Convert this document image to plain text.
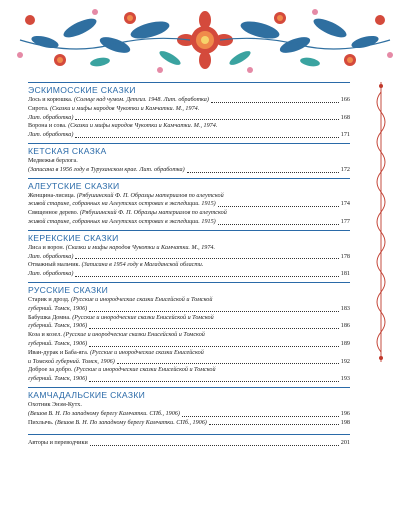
ЭСКИМОССКИЕ СКАЗКИ
Лось и корюшка. (Солнце над чумом. Детгиз. 1948. Лит. обработка)	166
Сирота. (Сказки и мифы народов Чукотки и Камчатки. М., 1974.
Лит. обработка)	168
Ворона и сова. (Сказки и мифы народов Чукотки и Камчатки. М., 1974.
Лит. обработка)	171
КЕТСКАЯ СКАЗКА
Медвежья берлога.
(Записана в 1956 году в Туруханском крае. Лит. обработка)	172
АЛЕУТСКИЕ СКАЗКИ
Женщина-лисица. (Рябушинский Ф. П. Образцы материалов по алеутской
живой старине, собранных на Алеутских островах в экспедиции. 1915)	174
Священное дерево. (Рябушинский Ф. П. Образцы материалов по алеутской
живой старине, собранных на Алеутских островах в экспедиции. 1915)	177
КЕРЕКСКИЕ СКАЗКИ
Лиса и ворон. (Сказки и мифы народов Чукотки и Камчатки. М., 1974.
Лит. обработка)	178
Отважный мальчик. (Записана в 1954 году в Магаданской области.
Лит. обработка)	181
РУССКИЕ СКАЗКИ
Старик и дрозд. (Русские и инородческие сказки Енисейской и Томской
губерний. Томск, 1906)	183
Бабушка Домна. (Русские и инородческие сказки Енисейской и Томской
губерний. Томск, 1906)	186
Коза и козел. (Русские и инородческие сказки Енисейской и Томской
губерний. Томск, 1906)	189
Иван-дурак и Баба-яга. (Русские и инородческие сказки Енисейской
и Томской губерний. Томск, 1906)	192
Доброе за добро. (Русские и инородческие сказки Енисейской и Томской
губерний. Томск, 1906)	193
КАМЧАДАЛЬСКИЕ СКАЗКИ
Охотник Энэм-Кутх.
(Вешов В. Н. По западному берегу Камчатки. СПб., 1906)	196
Пихлычь. (Вешов В. Н. По западному берегу Камчатки. СПб., 1906)	198
Авторы и переводчики	201
